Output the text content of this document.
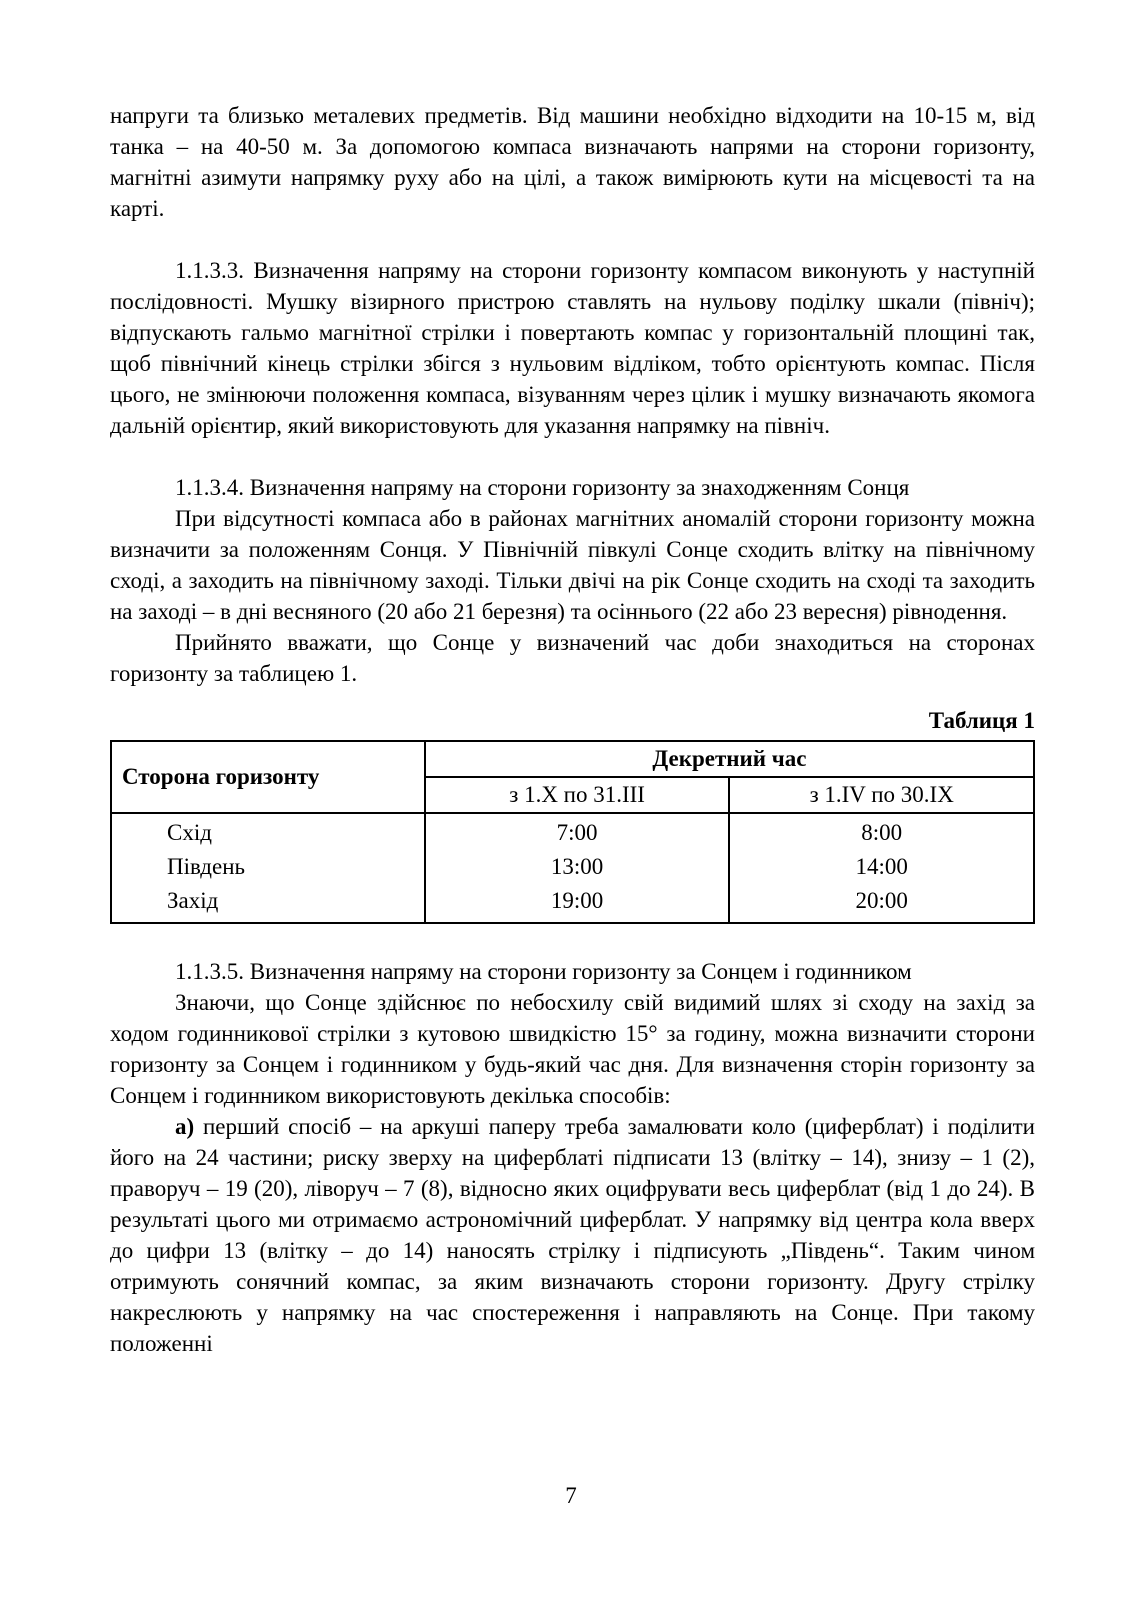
напруги та близько металевих предметів. Від машини необхідно відходити на 10-15 м, від танка – на 40-50 м. За допомогою компаса визначають напрями на сторони горизонту, магнітні азимути напрямку руху або на цілі, а також вимірюють кути на місцевості та на карті.

1.1.3.3. Визначення напряму на сторони горизонту компасом виконують у наступній послідовності. Мушку візирного пристрою ставлять на нульову поділку шкали (північ); відпускають гальмо магнітної стрілки і повертають компас у горизонтальній площині так, щоб північний кінець стрілки збігся з нульовим відліком, тобто орієнтують компас. Після цього, не змінюючи положення компаса, візуванням через цілик і мушку визначають якомога дальній орієнтир, який використовують для указання напрямку на північ.

1.1.3.4. Визначення напряму на сторони горизонту за знаходженням Сонця

При відсутності компаса або в районах магнітних аномалій сторони горизонту можна визначити за положенням Сонця. У Північній півкулі Сонце сходить влітку на північному сході, а заходить на північному заході. Тільки двічі на рік Сонце сходить на сході та заходить на заході – в дні весняного (20 або 21 березня) та осіннього (22 або 23 вересня) рівнодення.

Прийнято вважати, що Сонце у визначений час доби знаходиться на сторонах горизонту за таблицею 1.

Таблиця 1
Сторона горизонту	Декретний час	
	з 1.X по 31.III	з 1.IV по 30.IX
Схід	7:00	8:00
Південь	13:00	14:00
Захід	19:00	20:00

1.1.3.5. Визначення напряму на сторони горизонту за Сонцем і годинником

Знаючи, що Сонце здійснює по небосхилу свій видимий шлях зі сходу на захід за ходом годинникової стрілки з кутовою швидкістю 15° за годину, можна визначити сторони горизонту за Сонцем і годинником у будь-який час дня. Для визначення сторін горизонту за Сонцем і годинником використовують декілька способів:

а) перший спосіб – на аркуші паперу треба замалювати коло (циферблат) і поділити його на 24 частини; риску зверху на циферблаті підписати 13 (влітку – 14), знизу – 1 (2), праворуч – 19 (20), ліворуч – 7 (8), відносно яких оцифрувати весь циферблат (від 1 до 24). В результаті цього ми отримаємо астрономічний циферблат. У напрямку від центра кола вверх до цифри 13 (влітку – до 14) наносять стрілку і підписують „Південь“. Таким чином отримують сонячний компас, за яким визначають сторони горизонту. Другу стрілку накреслюють у напрямку на час спостереження і направляють на Сонце. При такому положенні

7
